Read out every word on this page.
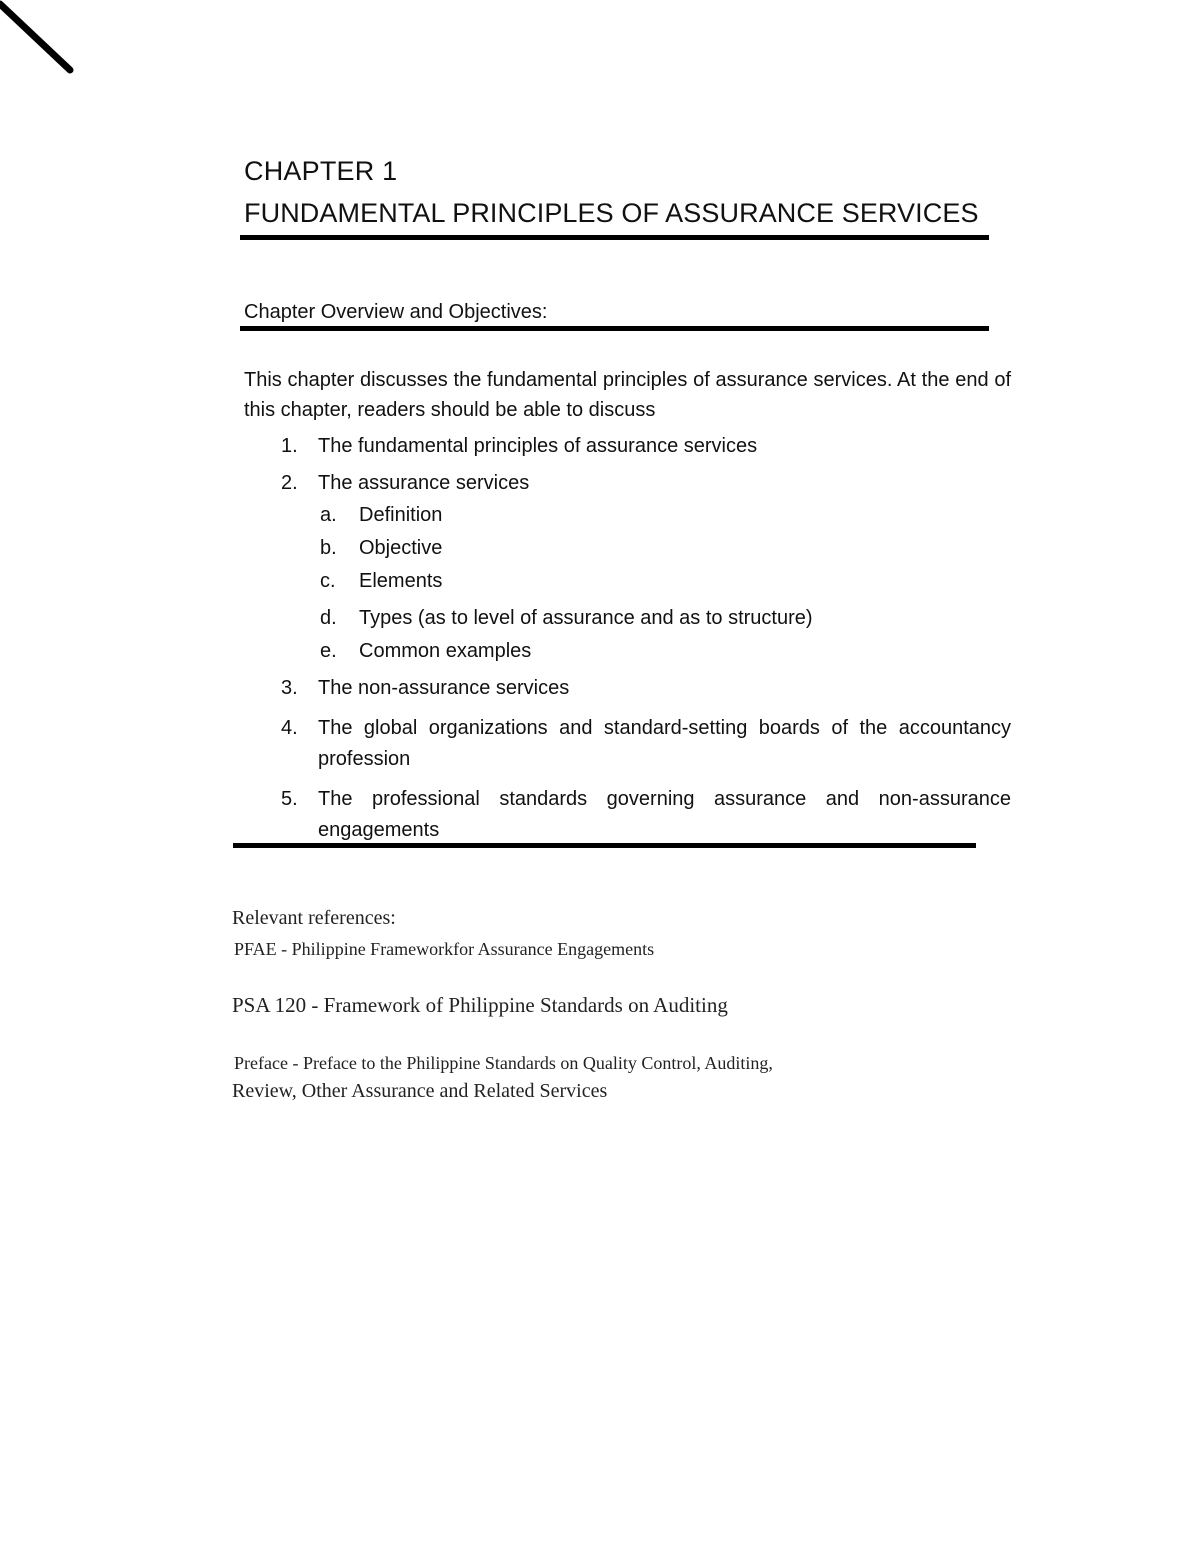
CHAPTER 1
FUNDAMENTAL PRINCIPLES OF ASSURANCE SERVICES
Chapter Overview and Objectives:
This chapter discusses the fundamental principles of assurance services. At the end of this chapter, readers should be able to discuss
1. The fundamental principles of assurance services
2. The assurance services
a. Definition
b. Objective
c. Elements
d. Types (as to level of assurance and as to structure)
e. Common examples
3. The non-assurance services
4. The global organizations and standard-setting boards of the accountancy profession
5. The professional standards governing assurance and non-assurance engagements
Relevant references:
PFAE - Philippine Frameworkfor Assurance Engagements
PSA 120 - Framework of Philippine Standards on Auditing
Preface - Preface to the Philippine Standards on Quality Control, Auditing,
Review, Other Assurance and Related Services
